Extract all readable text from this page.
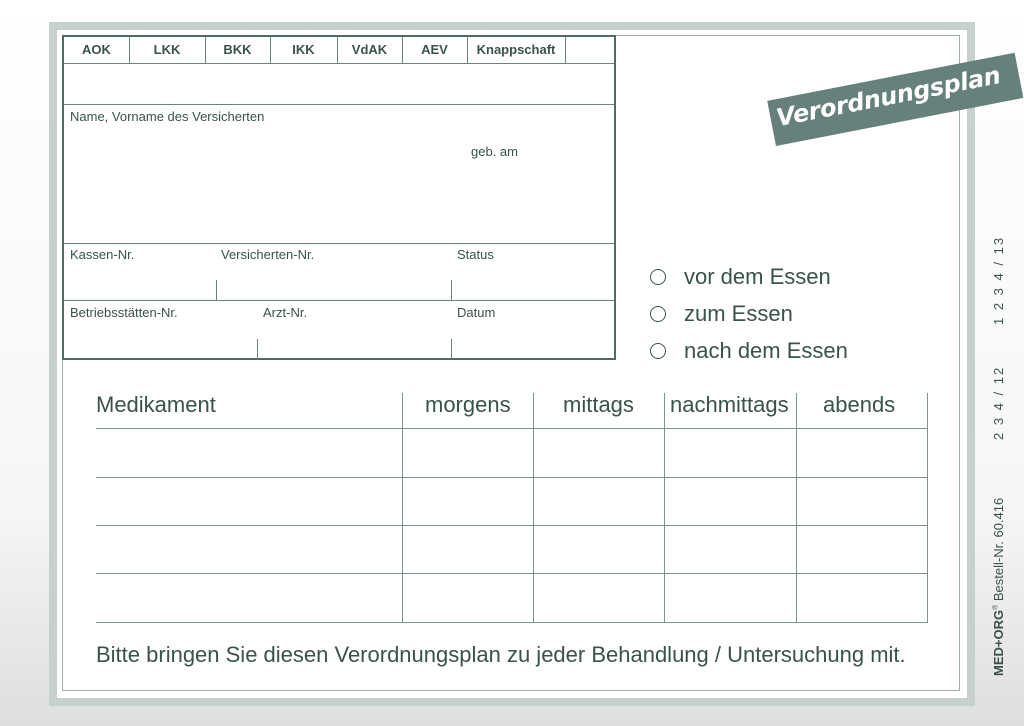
AOK	LKK	BKK	IKK	VdAK	AEV	Knappschaft
Name, Vorname des Versicherten
geb. am
Kassen-Nr.	Versicherten-Nr.	Status
Betriebsstätten-Nr.	Arzt-Nr.	Datum
Verordnungsplan
vor dem Essen
zum Essen
nach dem Essen
Medikament	morgens mittags nachmittags abends
Bitte bringen Sie diesen Verordnungsplan zu jeder Behandlung / Untersuchung mit.
1 2 3 4 / 13
2 3 4 / 12
MED+ORG® Bestell-Nr. 60.416
